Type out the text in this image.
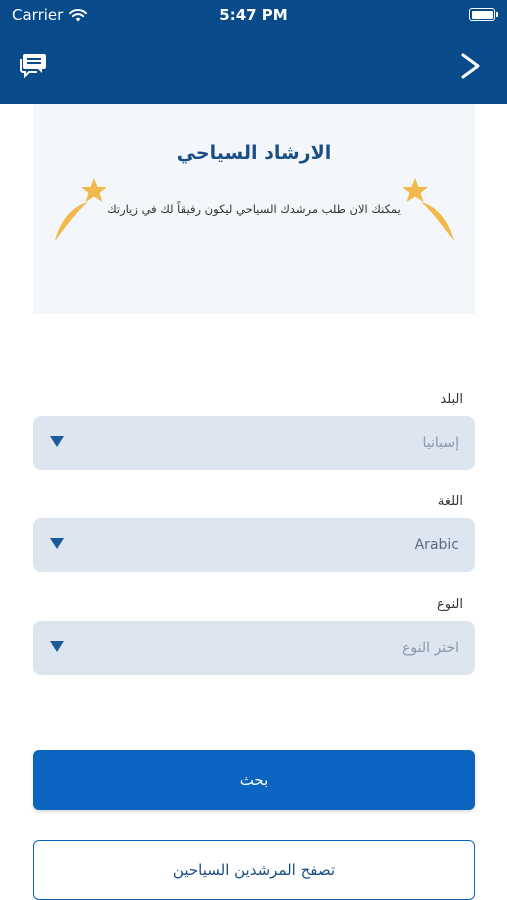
Carrier	5:47 PM
الارشاد السياحي
يمكنك الان طلب مرشدك السياحي ليكون رفيقاً لك في زيارتك
البلد
إسبانيا
اللغة
Arabic
النوع
اختر النوع
بحث
تصفح المرشدين السياحين
